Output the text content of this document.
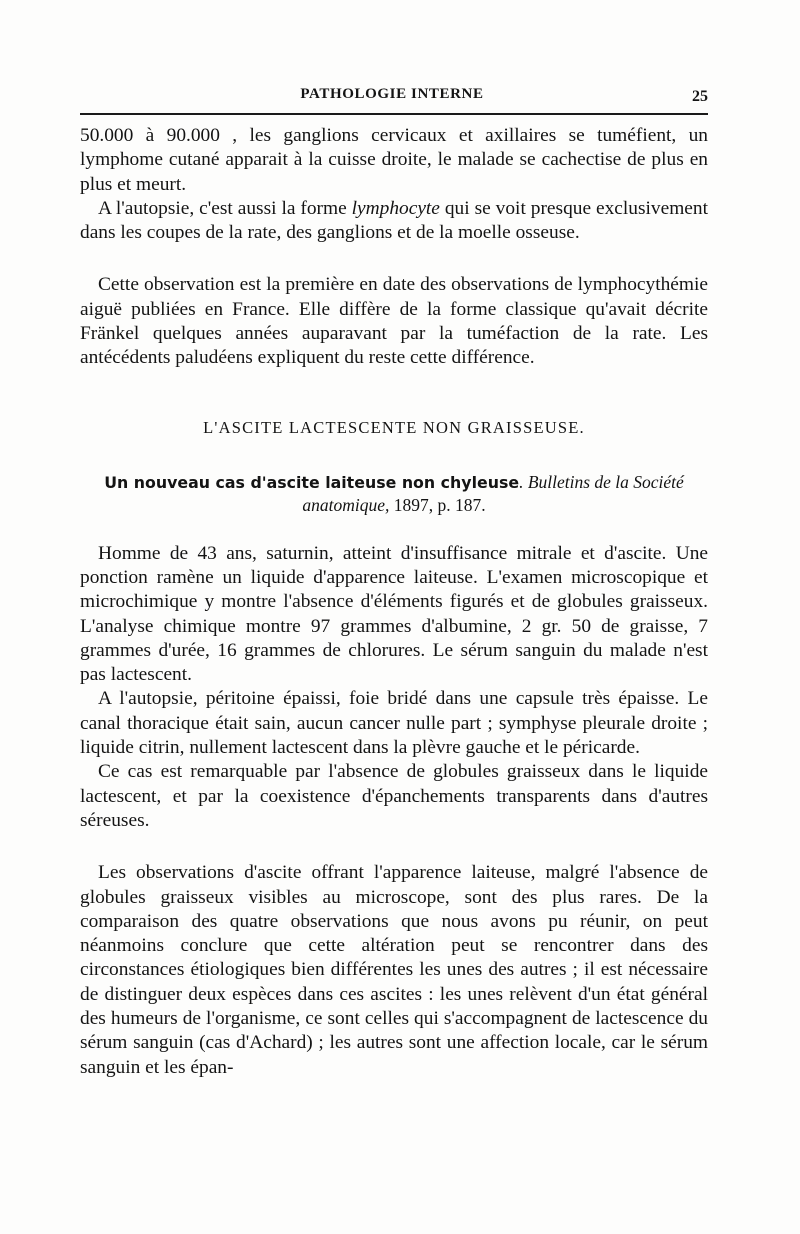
PATHOLOGIE INTERNE	25

50.000 à 90.000 , les ganglions cervicaux et axillaires se tuméfient, un lymphome cutané apparait à la cuisse droite, le malade se cachectise de plus en plus et meurt.

A l'autopsie, c'est aussi la forme lymphocyte qui se voit presque exclusivement dans les coupes de la rate, des ganglions et de la moelle osseuse.

Cette observation est la première en date des observations de lymphocythémie aiguë publiées en France. Elle diffère de la forme classique qu'avait décrite Fränkel quelques années auparavant par la tuméfaction de la rate. Les antécédents paludéens expliquent du reste cette différence.

L'ASCITE LACTESCENTE NON GRAISSEUSE.
Un nouveau cas d'ascite laiteuse non chyleuse. Bulletins de la Société anatomique, 1897, p. 187.

Homme de 43 ans, saturnin, atteint d'insuffisance mitrale et d'ascite. Une ponction ramène un liquide d'apparence laiteuse. L'examen microscopique et microchimique y montre l'absence d'éléments figurés et de globules graisseux. L'analyse chimique montre 97 grammes d'albumine, 2 gr. 50 de graisse, 7 grammes d'urée, 16 grammes de chlorures. Le sérum sanguin du malade n'est pas lactescent.

A l'autopsie, péritoine épaissi, foie bridé dans une capsule très épaisse. Le canal thoracique était sain, aucun cancer nulle part ; symphyse pleurale droite ; liquide citrin, nullement lactescent dans la plèvre gauche et le péricarde.

Ce cas est remarquable par l'absence de globules graisseux dans le liquide lactescent, et par la coexistence d'épanchements transparents dans d'autres séreuses.

Les observations d'ascite offrant l'apparence laiteuse, malgré l'absence de globules graisseux visibles au microscope, sont des plus rares. De la comparaison des quatre observations que nous avons pu réunir, on peut néanmoins conclure que cette altération peut se rencontrer dans des circonstances étiologiques bien différentes les unes des autres ; il est nécessaire de distinguer deux espèces dans ces ascites : les unes relèvent d'un état général des humeurs de l'organisme, ce sont celles qui s'accompagnent de lactescence du sérum sanguin (cas d'Achard) ; les autres sont une affection locale, car le sérum sanguin et les épan-
